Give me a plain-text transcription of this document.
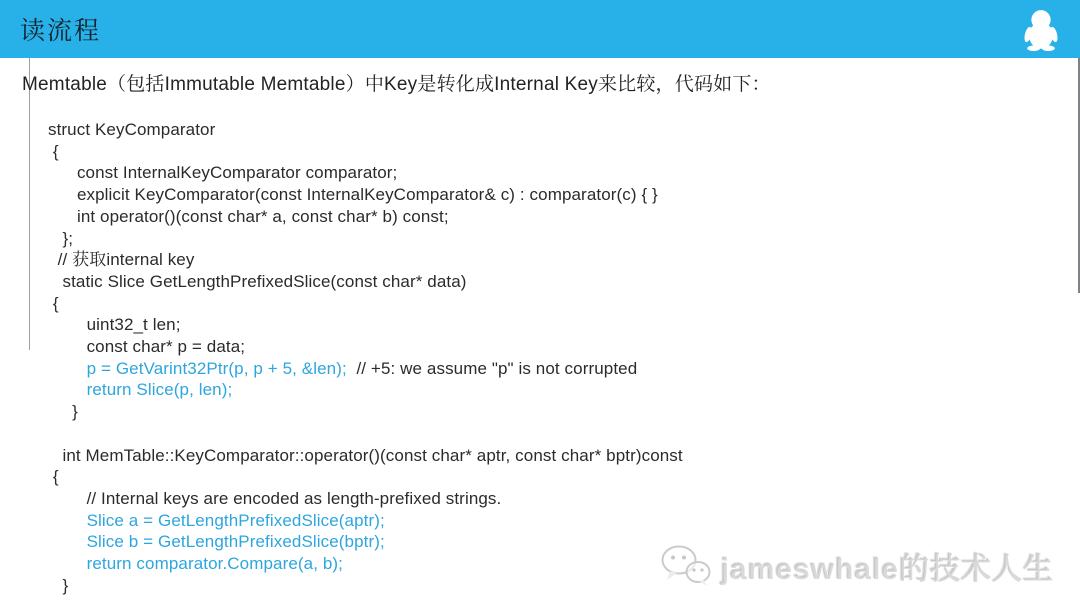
读流程
Memtable（包括Immutable Memtable）中Key是转化成Internal Key来比较，代码如下：
struct KeyComparator
{
const InternalKeyComparator comparator;
explicit KeyComparator(const InternalKeyComparator& c) : comparator(c) { }
int operator()(const char* a, const char* b) const;
};
// 获取internal key
static Slice GetLengthPrefixedSlice(const char* data)
{
uint32_t len;
const char* p = data;
p = GetVarint32Ptr(p, p + 5, &len);  // +5: we assume "p" is not corrupted
return Slice(p, len);
}

int MemTable::KeyComparator::operator()(const char* aptr, const char* bptr)const
{
// Internal keys are encoded as length-prefixed strings.
Slice a = GetLengthPrefixedSlice(aptr);
Slice b = GetLengthPrefixedSlice(bptr);
return comparator.Compare(a, b);
}	jameswhale的技术人生
